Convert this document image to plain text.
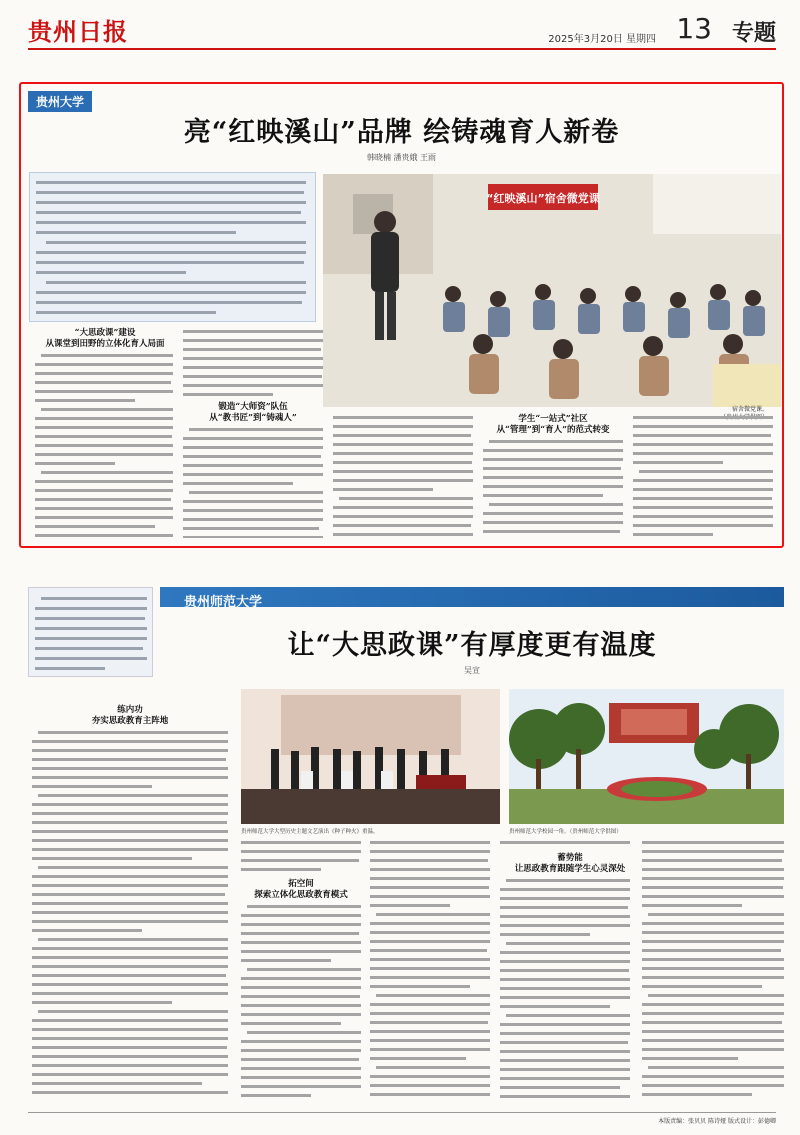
贵州日报	2025年3月20日 星期四 13 专题
贵州大学
亮“红映溪山”品牌 绘铸魂育人新卷
韩晓楠 潘贵娥 王雨
“红映溪山”宿舍微党课
宿舍微党课。

“大思政课”建设
从课堂到田野的立体化育人局面
锻造“大师资”队伍
从“教书匠”到“铸魂人”	学生“一站式”社区
从“管理”到“育人”的范式转变
贵州师范大学
让“大思政课”有厚度更有温度
吴宣
贵州师范大学大型历史主题文艺演出《种子种火》重温。	贵州师范大学校园一角。（贵州师范大学供图）
练内功
夯实思政教育主阵地
拓空间
探索立体化思政教育模式
蓄势能
让思政教育跟随学生心灵深处
本版责编：张贝贝 陈诗娅 版式设计：彭德卿
